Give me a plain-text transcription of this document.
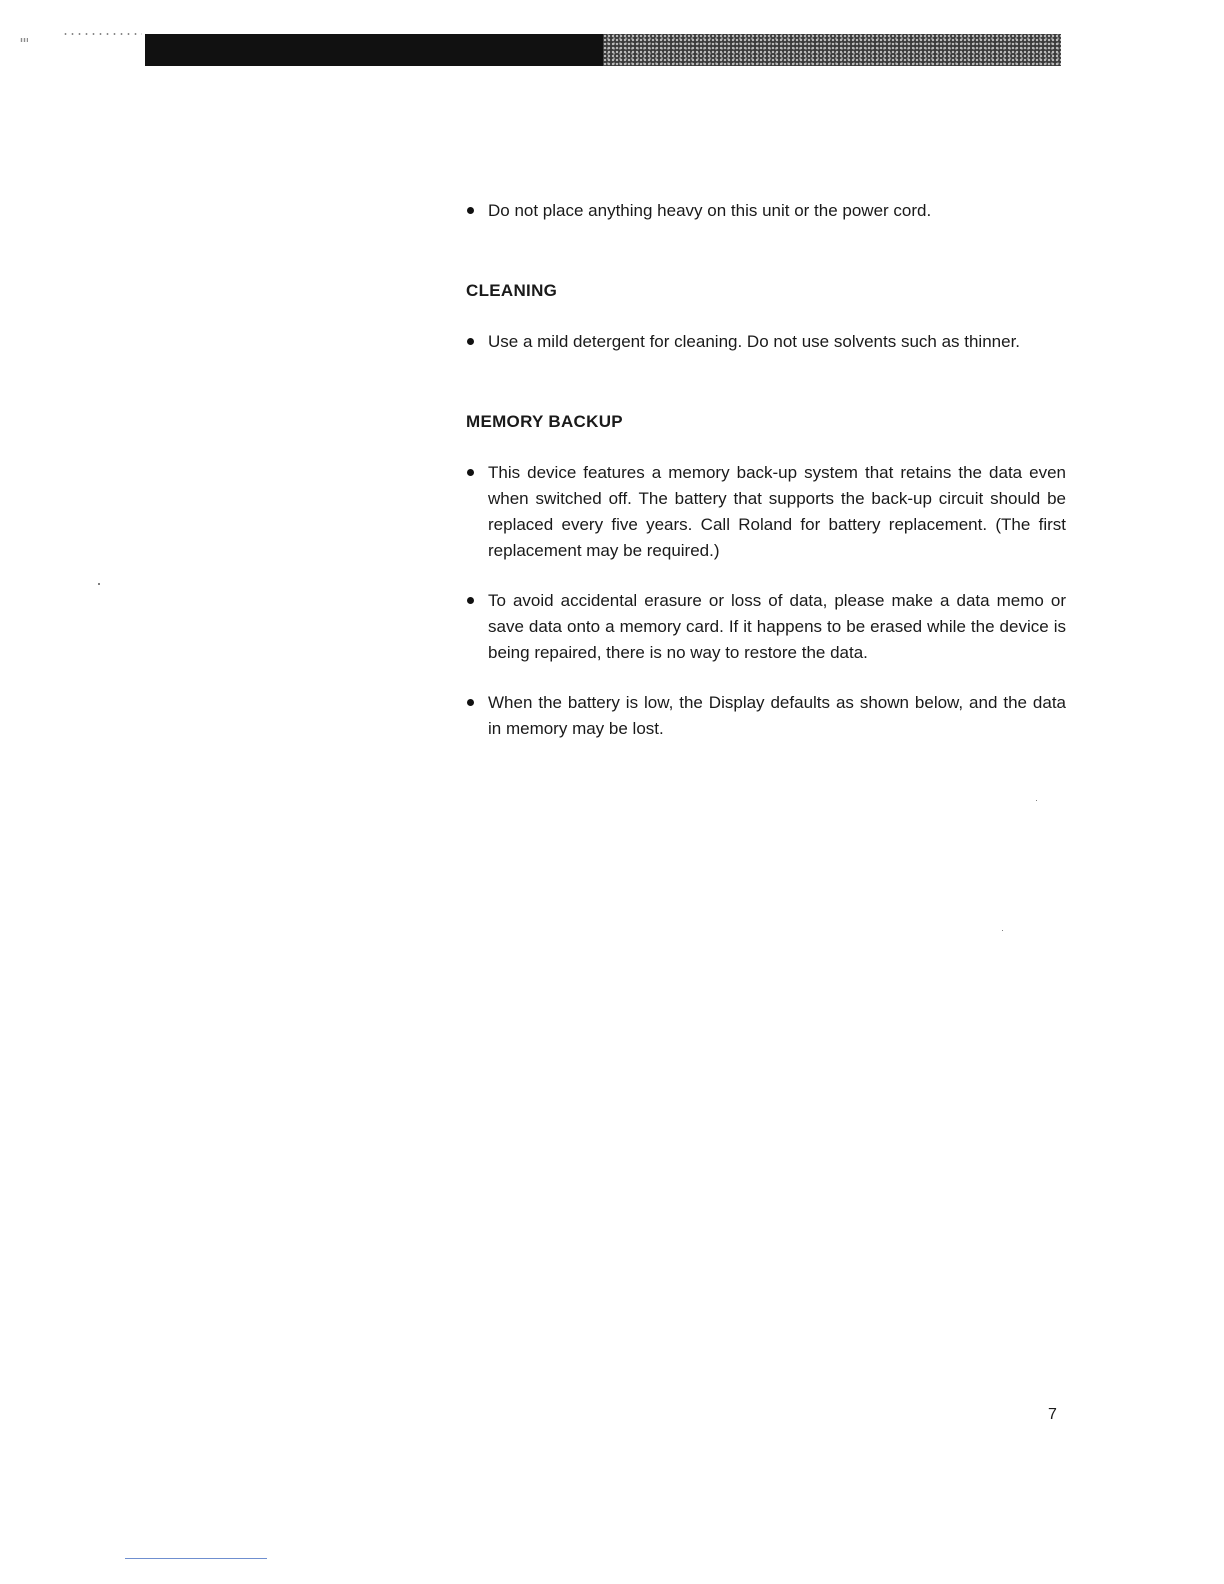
Do not place anything heavy on this unit or the power cord.

CLEANING

Use a mild detergent for cleaning. Do not use solvents such as thinner.

MEMORY BACKUP

This device features a memory back-up system that retains the data even when switched off. The battery that supports the back-up circuit should be replaced every five years. Call Roland for battery replacement. (The first replacement may be required.)

To avoid accidental erasure or loss of data, please make a data memo or save data onto a memory card. If it happens to be erased while the device is being repaired, there is no way to restore the data.

When the battery is low, the Display defaults as shown below, and the data in memory may be lost.

7
